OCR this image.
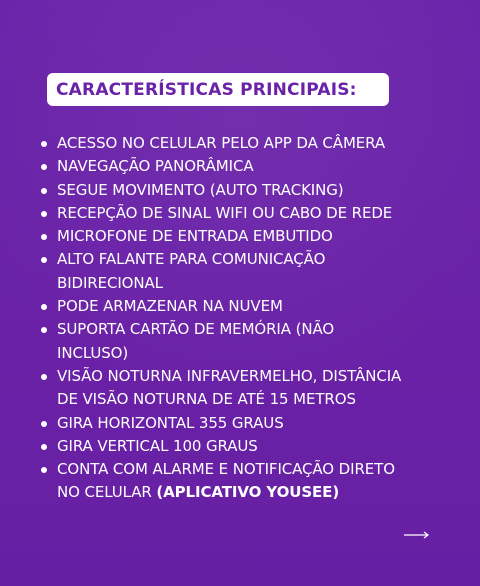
CARACTERÍSTICAS PRINCIPAIS:
ACESSO NO CELULAR PELO APP DA CÂMERA
NAVEGAÇÃO PANORÂMICA
SEGUE MOVIMENTO (AUTO TRACKING)
RECEPÇÃO DE SINAL WIFI OU CABO DE REDE
MICROFONE DE ENTRADA EMBUTIDO
ALTO FALANTE PARA COMUNICAÇÃO
BIDIRECIONAL
PODE ARMAZENAR NA NUVEM
SUPORTA CARTÃO DE MEMÓRIA (NÃO
INCLUSO)
VISÃO NOTURNA INFRAVERMELHO, DISTÂNCIA
DE VISÃO NOTURNA DE ATÉ 15 METROS
GIRA HORIZONTAL 355 GRAUS
GIRA VERTICAL 100 GRAUS
CONTA COM ALARME E NOTIFICAÇÃO DIRETO
NO CELULAR (APLICATIVO YOUSEE)
